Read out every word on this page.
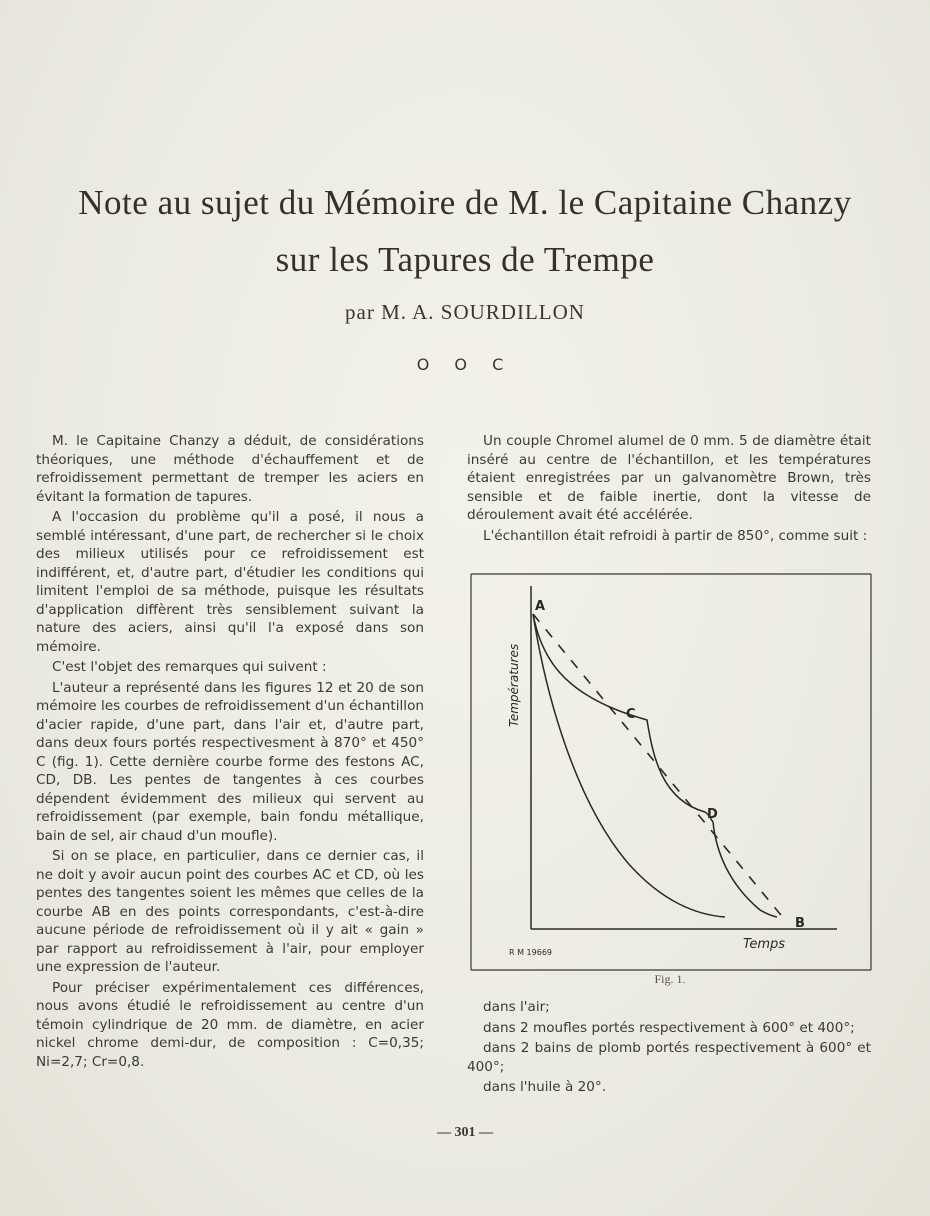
Note au sujet du Mémoire de M. le Capitaine Chanzy
sur les Tapures de Trempe
par M. A. SOURDILLON
O O C

M. le Capitaine Chanzy a déduit, de considérations théoriques, une méthode d'échauffement et de refroidissement permettant de tremper les aciers en évitant la formation de tapures.

A l'occasion du problème qu'il a posé, il nous a semblé intéressant, d'une part, de rechercher si le choix des milieux utilisés pour ce refroidissement est indifférent, et, d'autre part, d'étudier les conditions qui limitent l'emploi de sa méthode, puisque les résultats d'application diffèrent très sensiblement suivant la nature des aciers, ainsi qu'il l'a exposé dans son mémoire.

C'est l'objet des remarques qui suivent :

L'auteur a représenté dans les figures 12 et 20 de son mémoire les courbes de refroidissement d'un échantillon d'acier rapide, d'une part, dans l'air et, d'autre part, dans deux fours portés respectivesment à 870° et 450° C (fig. 1). Cette dernière courbe forme des festons AC, CD, DB. Les pentes de tangentes à ces courbes dépendent évidemment des milieux qui servent au refroidissement (par exemple, bain fondu métallique, bain de sel, air chaud d'un moufle).

Si on se place, en particulier, dans ce dernier cas, il ne doit y avoir aucun point des courbes AC et CD, où les pentes des tangentes soient les mêmes que celles de la courbe AB en des points correspondants, c'est-à-dire aucune période de refroidissement où il y ait « gain » par rapport au refroidissement à l'air, pour employer une expression de l'auteur.

Pour préciser expérimentalement ces différences, nous avons étudié le refroidissement au centre d'un témoin cylindrique de 20 mm. de diamètre, en acier nickel chrome demi-dur, de composition : C=0,35; Ni=2,7; Cr=0,8.

Un couple Chromel alumel de 0 mm. 5 de diamètre était inséré au centre de l'échantillon, et les températures étaient enregistrées par un galvanomètre Brown, très sensible et de faible inertie, dont la vitesse de déroulement avait été accélérée.

L'échantillon était refroidi à partir de 850°, comme suit :

A
C
D
B
Températures
Temps
R M 19669
Fig. 1.

dans l'air;

dans 2 moufles portés respectivement à 600° et 400°;

dans 2 bains de plomb portés respectivement à 600° et 400°;

dans l'huile à 20°.

— 301 —
